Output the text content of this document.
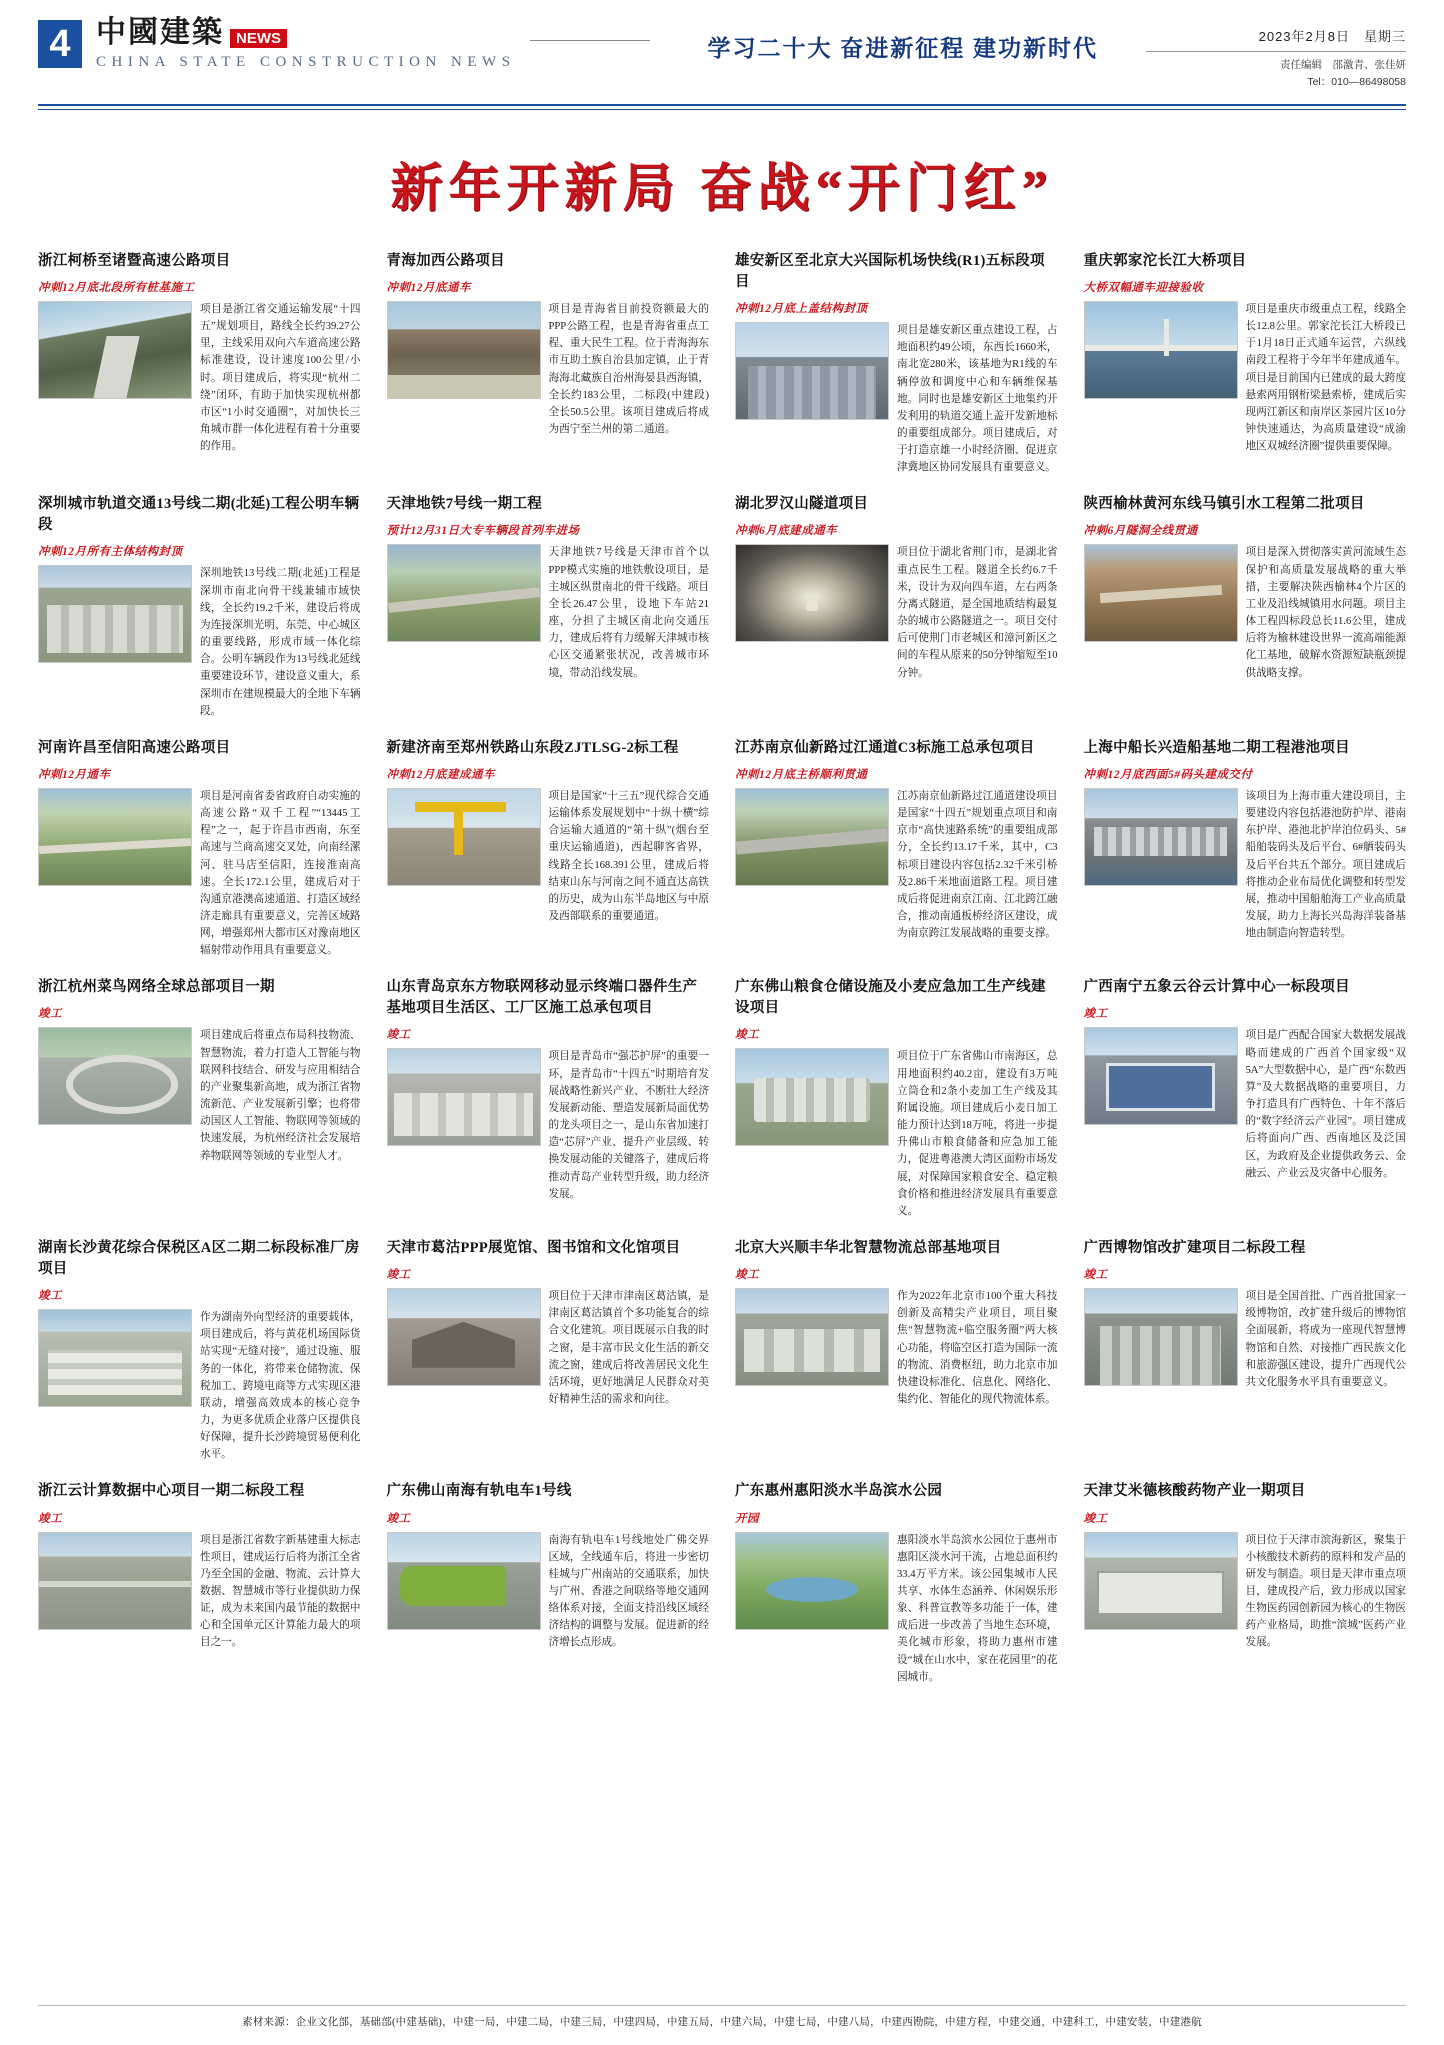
4 中國建築 NEWS
CHINA STATE CONSTRUCTION NEWS
学习二十大 奋进新征程 建功新时代	2023年2月8日　星期三
责任编辑　邵激青、张佳妍
Tel：010—86498058
新年开新局 奋战“开门红”
浙江柯桥至诸暨高速公路项目
冲刺12月底北段所有桩基施工
项目是浙江省交通运输发展“十四五”规划项目，路线全长约39.27公里，主线采用双向六车道高速公路标准建设，设计速度100公里/小时。项目建成后，将实现“杭州二绕”闭环，有助于加快实现杭州都市区“1小时交通圈”，对加快长三角城市群一体化进程有着十分重要的作用。
青海加西公路项目
冲刺12月底通车
项目是青海省目前投资额最大的PPP公路工程，也是青海省重点工程、重大民生工程。位于青海海东市互助土族自治县加定镇，止于青海海北藏族自治州海晏县西海镇，全长约183公里，二标段(中建段)全长50.5公里。该项目建成后将成为西宁至兰州的第二通道。
雄安新区至北京大兴国际机场快线(R1)五标段项目
冲刺12月底上盖结构封顶
项目是雄安新区重点建设工程，占地面积约49公顷，东西长1660米，南北宽280米，该基地为R1线的车辆停放和调度中心和车辆维保基地。同时也是雄安新区土地集约开发利用的轨道交通上盖开发新地标的重要组成部分。项目建成后，对于打造京雄一小时经济圈、促进京津冀地区协同发展具有重要意义。
重庆郭家沱长江大桥项目
大桥双幅通车迎接验收
项目是重庆市级重点工程，线路全长12.8公里。郭家沱长江大桥段已于1月18日正式通车运营，六纵线南段工程将于今年半年建成通车。项目是目前国内已建成的最大跨度悬索两用钢桁梁悬索桥，建成后实现两江新区和南岸区茶园片区10分钟快速通达，为高质量建设“成渝地区双城经济圈”提供重要保障。
深圳城市轨道交通13号线二期(北延)工程公明车辆段
冲刺12月所有主体结构封顶
深圳地铁13号线二期(北延)工程是深圳市南北向骨干线兼辅市域快线，全长约19.2千米，建设后将成为连接深圳光明、东莞、中心城区的重要线路，形成市域一体化综合。公明车辆段作为13号线北延线重要建设环节，建设意义重大，系深圳市在建规模最大的全地下车辆段。
天津地铁7号线一期工程
预计12月31日大专车辆段首列车进场
天津地铁7号线是天津市首个以PPP模式实施的地铁敷设项目，是主城区纵贯南北的骨干线路。项目全长26.47公里，设地下车站21座，分担了主城区南北向交通压力，建成后将有力缓解天津城市核心区交通紧张状况，改善城市环境，带动沿线发展。
湖北罗汉山隧道项目
冲刺6月底建成通车
项目位于湖北省荆门市，是湖北省重点民生工程。隧道全长约6.7千米，设计为双向四车道，左右两条分离式隧道，是全国地质结构最复杂的城市公路隧道之一。项目交付后可使荆门市老城区和漳河新区之间的车程从原来的50分钟缩短至10分钟。
陕西榆林黄河东线马镇引水工程第二批项目
冲刺6月隧洞全线贯通
项目是深入贯彻落实黄河流域生态保护和高质量发展战略的重大举措，主要解决陕西榆林4个片区的工业及沿线城镇用水问题。项目主体工程四标段总长11.6公里，建成后将为榆林建设世界一流高端能源化工基地，破解水资源短缺瓶颈提供战略支撑。
河南许昌至信阳高速公路项目
冲刺12月通车
项目是河南省委省政府自动实施的高速公路“双千工程”“13445工程”之一，起于许昌市西南，东至高速与兰商高速交叉处，向南经漯河、驻马店至信阳，连接淮南高速。全长172.1公里，建成后对于沟通京港澳高速通道、打造区域经济走廊具有重要意义，完善区域路网，增强郑州大都市区对豫南地区辐射带动作用具有重要意义。
新建济南至郑州铁路山东段ZJTLSG-2标工程
冲刺12月底建成通车
项目是国家“十三五”现代综合交通运输体系发展规划中“十纵十横”综合运输大通道的“第十纵”(烟台至重庆运输通道)，西起聊客省界，线路全长168.391公里，建成后将结束山东与河南之间不通直达高铁的历史，成为山东半岛地区与中原及西部联系的重要通道。
江苏南京仙新路过江通道C3标施工总承包项目
冲刺12月底主桥顺利贯通
江苏南京仙新路过江通道建设项目是国家“十四五”规划重点项目和南京市“高快速路系统”的重要组成部分，全长约13.17千米，其中，C3标项目建设内容包括2.32千米引桥及2.86千米地面道路工程。项目建成后将促进南京江南、江北跨江融合，推动南通板桥经济区建设，成为南京跨江发展战略的重要支撑。
上海中船长兴造船基地二期工程港池项目
冲刺12月底西面5#码头建成交付
该项目为上海市重大建设项目，主要建设内容包括港池防护岸、港南东护岸、港池北护岸泊位码头、5#船舶装码头及后平台、6#舾装码头及后平台共五个部分。项目建成后将推动企业布局优化调整和转型发展，推动中国船舶海工产业高质量发展，助力上海长兴岛海洋装备基地由制造向智造转型。
浙江杭州菜鸟网络全球总部项目一期
竣工
项目建成后将重点布局科技物流、智慧物流，着力打造人工智能与物联网科技结合、研发与应用相结合的产业聚集新高地，成为浙江省物流新范、产业发展新引擎；也将带动国区人工智能、物联网等领域的快速发展，为杭州经济社会发展培养物联网等领域的专业型人才。
山东青岛京东方物联网移动显示终端口器件生产基地项目生活区、工厂区施工总承包项目
竣工
项目是青岛市“强芯护屏”的重要一环，是青岛市“十四五”时期培育发展战略性新兴产业、不断壮大经济发展新动能、塑造发展新局面优势的龙头项目之一，是山东省加速打造“芯屏”产业、提升产业层级、转换发展动能的关键落子，建成后将推动青岛产业转型升级，助力经济发展。
广东佛山粮食仓储设施及小麦应急加工生产线建设项目
竣工
项目位于广东省佛山市南海区，总用地面积约40.2亩，建设有3万吨立筒仓和2条小麦加工生产线及其附属设施。项目建成后小麦日加工能力预计达到18万吨，将进一步提升佛山市粮食储备和应急加工能力，促进粤港澳大湾区面粉市场发展，对保障国家粮食安全、稳定粮食价格和推进经济发展具有重要意义。
广西南宁五象云谷云计算中心一标段项目
竣工
项目是广西配合国家大数据发展战略而建成的广西首个国家级“双5A”大型数据中心，是广西“东数西算”及大数据战略的重要项目，力争打造具有广西特色、十年不落后的“数字经济云产业园”。项目建成后将面向广西、西南地区及泛国区，为政府及企业提供政务云、金融云、产业云及灾备中心服务。
湖南长沙黄花综合保税区A区二期二标段标准厂房项目
竣工
作为湖南外向型经济的重要载体，项目建成后，将与黄花机场国际货站实现“无缝对接”，通过设施、服务的一体化，将带来仓储物流、保税加工、跨境电商等方式实现区港联动，增强高效成本的核心竞争力，为更多优质企业落户区提供良好保障，提升长沙跨境贸易便利化水平。
天津市葛沽PPP展览馆、图书馆和文化馆项目
竣工
项目位于天津市津南区葛沽镇，是津南区葛沽镇首个多功能复合的综合文化建筑。项目既展示自我的时之窗，是丰富市民文化生活的新交流之窗，建成后将改善居民文化生活环境，更好地满足人民群众对美好精神生活的需求和向往。
北京大兴顺丰华北智慧物流总部基地项目
竣工
作为2022年北京市100个重大科技创新及高精尖产业项目，项目聚焦“智慧物流+临空服务圈”两大核心功能，将临空区打造为国际一流的物流、消费枢纽，助力北京市加快建设标准化、信息化、网络化、集约化、智能化的现代物流体系。
广西博物馆改扩建项目二标段工程
竣工
项目是全国首批、广西首批国家一级博物馆，改扩建升级后的博物馆全面展新，将成为一座现代智慧博物馆和自然、对接推广西民族文化和旅游强区建设，提升广西现代公共文化服务水平具有重要意义。
浙江云计算数据中心项目一期二标段工程
竣工
项目是浙江省数字新基建重大标志性项目，建成运行后将为浙江全省乃至全国的金融、物流、云计算大数据、智慧城市等行业提供助力保证，成为未来国内最节能的数据中心和全国单元区计算能力最大的项目之一。
广东佛山南海有轨电车1号线
竣工
南海有轨电车1号线地处广佛交界区域，全线通车后，将进一步密切桂城与广州南站的交通联系，加快与广州、香港之间联络等地交通网络体系对接，全面支持沿线区域经济结构的调整与发展。促进新的经济增长点形成。
广东惠州惠阳淡水半岛滨水公园
开园
惠阳淡水半岛滨水公园位于惠州市惠阳区淡水河干流，占地总面积约33.4万平方米。该公园集城市人民共享、水体生态涵养、休闲娱乐形象、科普宣教等多功能于一体，建成后进一步改善了当地生态环境，美化城市形象，将助力惠州市建设“城在山水中，家在花园里”的花园城市。
天津艾米德核酸药物产业一期项目
竣工
项目位于天津市滨海新区，聚集于小核酸技术新药的原料和发产品的研发与制造。项目是天津市重点项目，建成投产后，致力形成以国家生物医药园创新园为核心的生物医药产业格局，助推“滨城”医药产业发展。
素材来源：企业文化部，基础部(中建基础)，中建一局，中建二局，中建三局，中建四局，中建五局，中建六局，中建七局，中建八局，中建西勘院，中建方程，中建交通，中建科工，中建安装，中建港航
